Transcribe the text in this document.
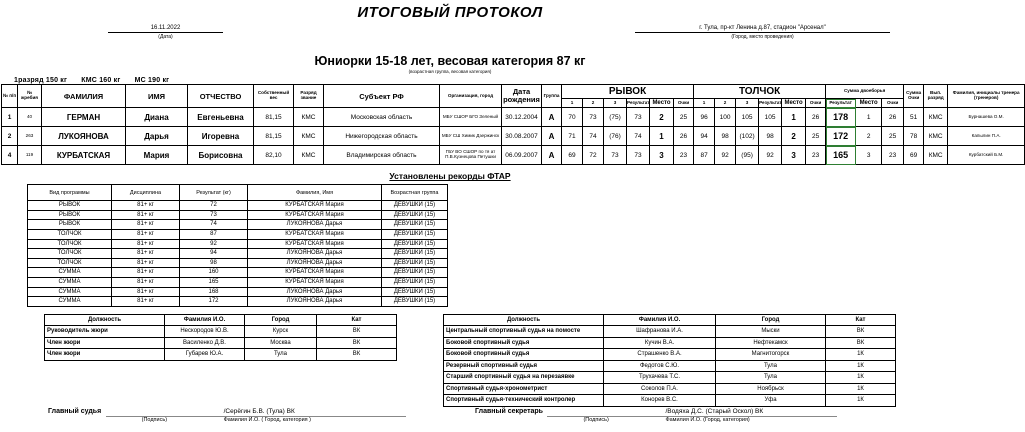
ИТОГОВЫЙ ПРОТОКОЛ
16.11.2022
(Дата)
г. Тула, пр-кт Ленина д.87, стадион "Арсенал"
(Город, место проведения)
Юниорки 15-18 лет, весовая категория 87 кг
(возрастная группа, весовая категория)
1разряд 150 кг КМС 160 кг МС 190 кг
№ п/п	№ жребия	ФАМИЛИЯ	ИМЯ	ОТЧЕСТВО	Собственный вес	Разряд звание	Субъект РФ	Организация, город	Дата рождения	Группа	РЫВОК						ТОЛЧОК						Сумма двоеборья			Сумма Очки	Вып. разряд	Фамилия, инициалы тренера (тренеров)
											1	2	3	Результат	Место	Очки	1	2	3	Результат	Место	Очки	Результат	Место	Очки			
1	40	ГЕРМАН	Диана	Евгеньевна	81,15	КМС	Московская область	МБУ СШОР БГО Зеленый	30.12.2004	А	70	73	(75)	73	2	25	96	100	105	105	1	26	178	1	26	51	КМС	Бурнашева О.М.
2	263	ЛУКОЯНОВА	Дарья	Игоревна	81,15	КМС	Нижегородская область	МБУ СШ Химик Дзержинск	30.08.2007	А	71	74	(76)	74	1	26	94	98	(102)	98	2	25	172	2	25	78	КМС	Капылин П.А.
4	119	КУРБАТСКАЯ	Мария	Борисовна	82,10	КМС	Владимирская область	ГБУ ВО СШОР по тя ат П.В.Кузнецова Петушки	06.09.2007	А	69	72	73	73	3	23	87	92	(95)	92	3	23	165	3	23	69	КМС	Курбатский Б.М.
Установлены рекорды ФТАР
Вид программы	Дисциплина	Результат (кг)	Фамилия, Имя	Возрастная группа
РЫВОК	81+ кг	72	КУРБАТСКАЯ Мария	ДЕВУШКИ (15)
РЫВОК	81+ кг	73	КУРБАТСКАЯ Мария	ДЕВУШКИ (15)
РЫВОК	81+ кг	74	ЛУКОЯНОВА Дарья	ДЕВУШКИ (15)
ТОЛЧОК	81+ кг	87	КУРБАТСКАЯ Мария	ДЕВУШКИ (15)
ТОЛЧОК	81+ кг	92	КУРБАТСКАЯ Мария	ДЕВУШКИ (15)
ТОЛЧОК	81+ кг	94	ЛУКОЯНОВА Дарья	ДЕВУШКИ (15)
ТОЛЧОК	81+ кг	98	ЛУКОЯНОВА Дарья	ДЕВУШКИ (15)
СУММА	81+ кг	160	КУРБАТСКАЯ Мария	ДЕВУШКИ (15)
СУММА	81+ кг	165	КУРБАТСКАЯ Мария	ДЕВУШКИ (15)
СУММА	81+ кг	168	ЛУКОЯНОВА Дарья	ДЕВУШКИ (15)
СУММА	81+ кг	172	ЛУКОЯНОВА Дарья	ДЕВУШКИ (15)
Должность	Фамилия И.О.	Город	Кат
Руководитель жюри	Нескородов Ю.В.	Курск	ВК
Член жюри	Василенко Д.В.	Москва	ВК
Член жюри	Губарев Ю.А.	Тула	ВК
Должность	Фамилия И.О.	Город	Кат
Центральный спортивный судья на помосте	Шафранова И.А.	Мыски	ВК
Боковой спортивный судья	Кучин В.А.	Нефтекамск	ВК
Боковой спортивный судья	Страшенко В.А.	Магнитогорск	1К
Резервный спортивный судья	Федотов С.Ю.	Тула	1К
Старший спортивный судья на перезаявке	Трухачева Т.С.	Тула	1К
Спортивный судья-хронометрист	Соколов П.А.	Ноябрьск	1К
Спортивный судья-технический контролер	Конорев В.С.	Уфа	1К
Главный судья	/Серёгин Б.В. (Тула) ВК
(Подпись)	Фамилия И.О. ( Город, категория )
Главный секретарь	/Водяха Д.С. (Старый Оскол) ВК
(Подпись)	Фамилия И.О. (Город, категория)
